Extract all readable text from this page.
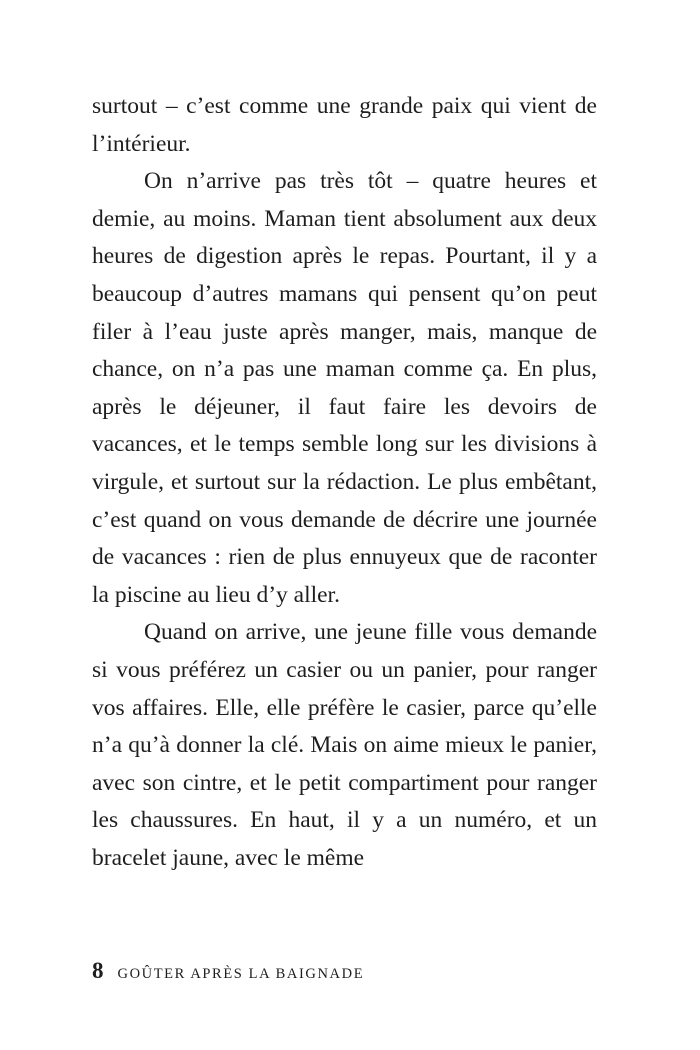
surtout – c’est comme une grande paix qui vient de l’intérieur.

On n’arrive pas très tôt – quatre heures et demie, au moins. Maman tient absolument aux deux heures de digestion après le repas. Pourtant, il y a beaucoup d’autres mamans qui pensent qu’on peut filer à l’eau juste après manger, mais, manque de chance, on n’a pas une maman comme ça. En plus, après le déjeuner, il faut faire les devoirs de vacances, et le temps semble long sur les divisions à virgule, et surtout sur la rédaction. Le plus embêtant, c’est quand on vous demande de décrire une journée de vacances : rien de plus ennuyeux que de raconter la piscine au lieu d’y aller.

Quand on arrive, une jeune fille vous demande si vous préférez un casier ou un panier, pour ranger vos affaires. Elle, elle préfère le casier, parce qu’elle n’a qu’à donner la clé. Mais on aime mieux le panier, avec son cintre, et le petit compartiment pour ranger les chaussures. En haut, il y a un numéro, et un bracelet jaune, avec le même

8 GOÛTER APRÈS LA BAIGNADE
